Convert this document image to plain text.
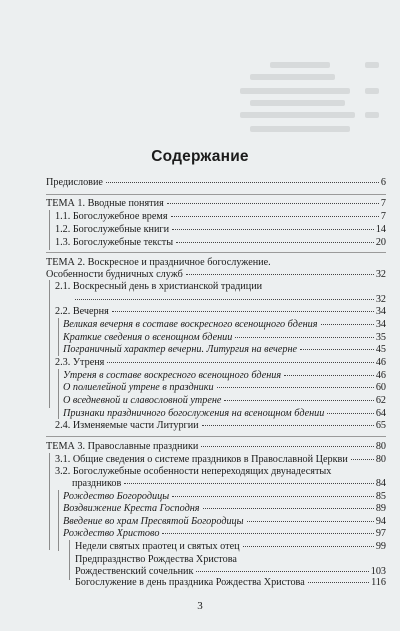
Содержание
Предисловие	6
ТЕМА 1. Вводные понятия	7
1.1. Богослужебное время	7
1.2. Богослужебные книги	14
1.3. Богослужебные тексты	20
ТЕМА 2. Воскресное и праздничное богослужение.
Особенности будничных служб	32
2.1. Воскресный день в христианской традиции
32
2.2. Вечерня	34
Великая вечерня в составе воскресного всенощного бдения	34
Краткие сведения о всенощном бдении	35
Пограничный характер вечерни. Литургия на вечерне	45
2.3. Утреня	46
Утреня в составе воскресного всенощного бдения	46
О полиелейной утрене в праздники	60
О вседневной и славословной утрене	62
Признаки праздничного богослужения на всенощном бдении	64
2.4. Изменяемые части Литургии	65
ТЕМА 3. Православные праздники	80
3.1. Общие сведения о системе праздников в Православной Церкви	80
3.2. Богослужебные особенности непереходящих двунадесятых
праздников	84
Рождество Богородицы	85
Воздвижение Креста Господня	89
Введение во храм Пресвятой Богородицы	94
Рождество Христово	97
Недели святых праотец и святых отец	99
Предпразднство Рождества Христова
Рождественский сочельник	103
Богослужение в день праздника Рождества Христова	116
3
